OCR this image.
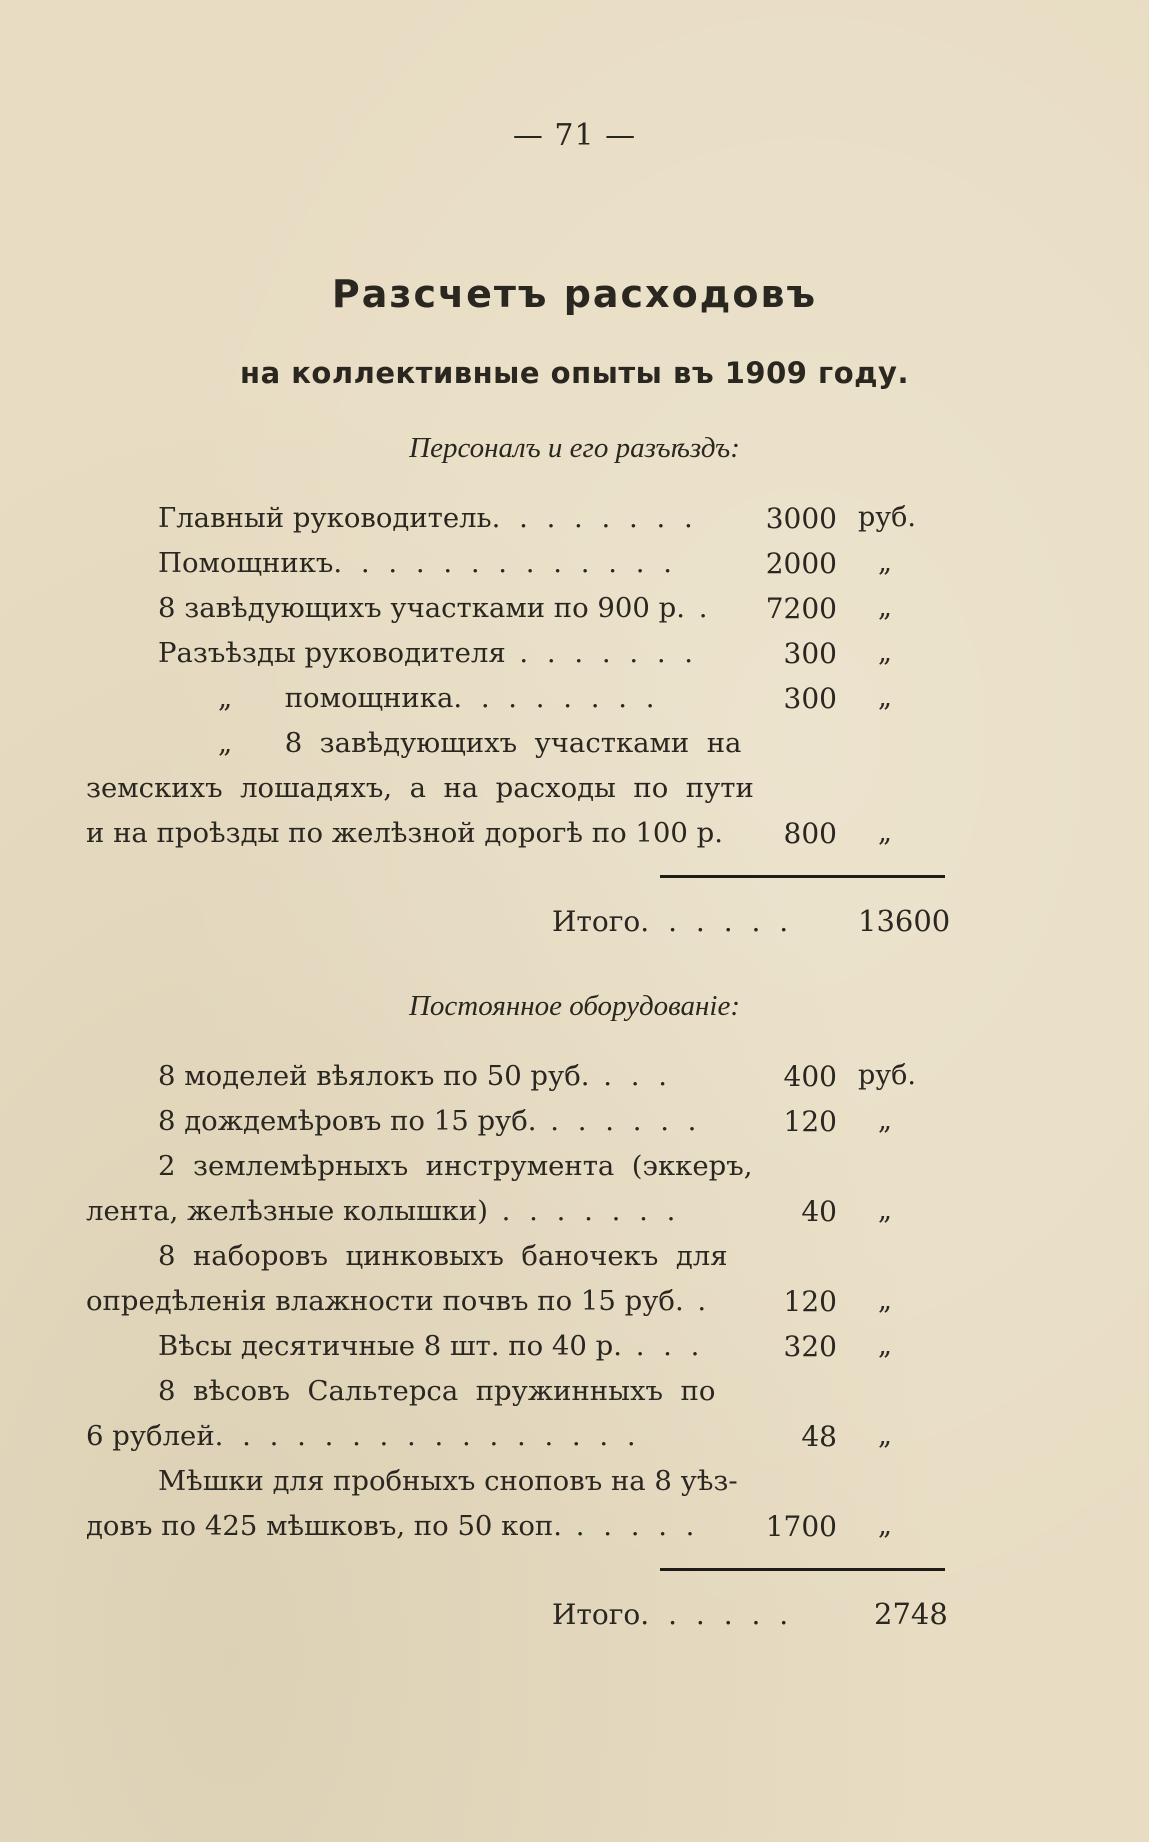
— 71 —
Разсчетъ расходовъ
на коллективные опыты въ 1909 году.
Персоналъ и его разъѣздъ:
Главный руководитель. . . . . . . .	3000 руб.
Помощникъ. . . . . . . . . . . . .	2000 „
8 завѣдующихъ участками по 900 р. .	7200 „
Разъѣзды руководителя . . . . . . .	300 „
„      помощника. . . . . . . .	300 „
„      8  завѣдующихъ  участками  на
земскихъ  лошадяхъ,  а  на  расходы  по  пути
и на проѣзды по желѣзной дорогѣ по 100 р.	800 „
Итого. . . . . . 13600
Постоянное оборудованіе:
8 моделей вѣялокъ по 50 руб. . . .	400 руб.
8 дождемѣровъ по 15 руб. . . . . . .	120 „
2  землемѣрныхъ  инструмента  (эккеръ,
лента, желѣзные колышки) . . . . . . .	40 „
8  наборовъ  цинковыхъ  баночекъ  для
опредѣленія влажности почвъ по 15 руб. .	120 „
Вѣсы десятичные 8 шт. по 40 р. . . .	320 „
8  вѣсовъ  Сальтерса  пружинныхъ  по
6 рублей. . . . . . . . . . . . . . . .	48 „
Мѣшки для пробныхъ сноповъ на 8 уѣз-
довъ по 425 мѣшковъ, по 50 коп. . . . . .	1700 „
Итого. . . . . .	2748
